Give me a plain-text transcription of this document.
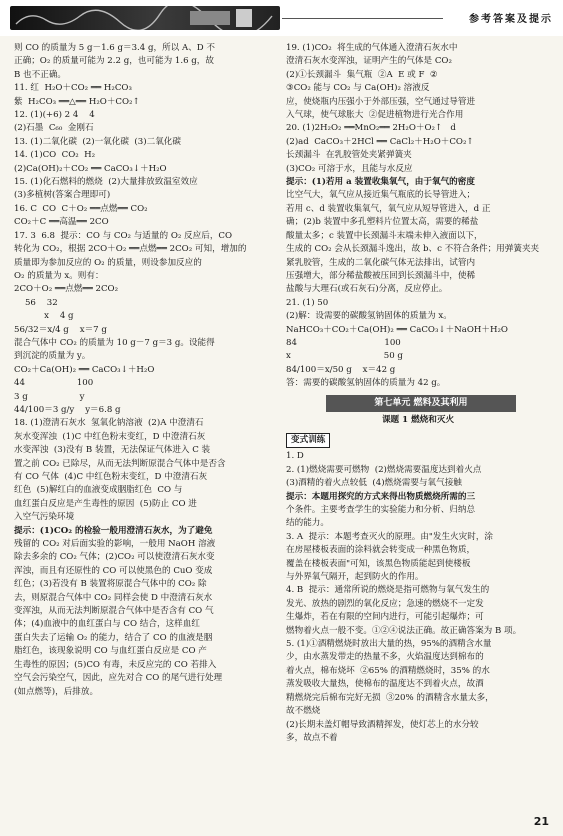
参考答案及提示

则 CO 的质量为 5 g－1.6 g＝3.4 g，所以 A、D 不

正确；O₂ 的质量可能为 2.2 g，也可能为 1.6 g，故

B 也不正确。

11. 红  H₂O＋CO₂ ══ H₂CO₃

紫  H₂CO₃ ══△══ H₂O＋CO₂↑

12. (1)(+6) 2 4    4

(2)石墨  C₆₀  金刚石

13. (1)二氧化碳  (2)一氧化碳  (3)二氧化碳

14. (1)CO  CO₂  H₂

(2)Ca(OH)₂＋CO₂ ══ CaCO₃↓＋H₂O

15. (1)化石燃料的燃烧  (2)大量排放致温室效应

(3)多植树(答案合理即可)

16. C  CO  C＋O₂ ══点燃══ CO₂

CO₂＋C ══高温══ 2CO

17. 3  6.8  提示：CO 与 CO₂ 与适量的 O₂ 反应后，CO

转化为 CO₂，根据 2CO＋O₂ ══点燃══ 2CO₂ 可知，增加的

质量即为参加反应的 O₂ 的质量，则设参加反应的

O₂ 的质量为 x。则有：

2CO＋O₂ ══点燃══ 2CO₂

56    32

x    4 g

56/32＝x/4 g    x＝7 g

混合气体中 CO₂ 的质量为 10 g－7 g＝3 g。设能得

到沉淀的质量为 y。

CO₂＋Ca(OH)₂ ══ CaCO₃↓＋H₂O

44                   100

3 g                   y

44/100＝3 g/y    y＝6.8 g

18. (1)澄清石灰水  氢氧化钠溶液  (2)A 中澄清石

灰水变浑浊  (1)C 中红色粉末变红，D 中澄清石灰

水变浑浊  (3)没有 B 装置，无法保证气体进入 C 装

置之前 CO₂ 已除尽，从而无法判断原混合气体中是否含

有 CO 气体  (4)C 中红色粉末变红，D 中澄清石灰

红色  (5)解红白的血液变成胭脂红色  CO 与

血红蛋白反应是产生毒性的原因  (5)防止 CO 进

入空气污染环境

提示：(1)CO₂ 的检验一般用澄清石灰水，为了避免

残留的 CO₂ 对后面实验的影响，一般用 NaOH 溶液

除去多余的 CO₂ 气体；(2)CO₂ 可以使澄清石灰水变

浑浊，而且有还原性的 CO 可以使黑色的 CuO 变成

红色；(3)若没有 B 装置将原混合气体中的 CO₂ 除

去，则原混合气体中 CO₂ 同样会使 D 中澄清石灰水

变浑浊，从而无法判断原混合气体中是否含有 CO 气

体；(4)血液中的血红蛋白与 CO 结合，这样血红

蛋白失去了运输 O₂ 的能力，结合了 CO 的血液是胭

脂红色，该现象说明 CO 与血红蛋白反应是 CO 产

生毒性的原因；(5)CO 有毒，未反应完的 CO 若排入

空气会污染空气，因此，应先对合 CO 的尾气进行处理

(如点燃等)，后排放。

19. (1)CO₂  将生成的气体通入澄清石灰水中

澄清石灰水变浑浊，证明产生的气体是 CO₂

(2)①长颈漏斗  集气瓶  ②A  E 或 F  ②

③CO₂ 能与 CO₂ 与 Ca(OH)₂ 溶液反

应，使烧瓶内压强小于外部压强，空气通过导管进

入气球，使气球胀大  ②促进植物进行光合作用

20. (1)2H₂O₂ ══MnO₂══ 2H₂O＋O₂↑   d

(2)ad  CaCO₃＋2HCl ══ CaCl₂＋H₂O＋CO₂↑

长颈漏斗  在乳胶管处夹紧弹簧夹

(3)CO₂ 可溶于水，且能与水反应

提示：(1)若用 a 装置收集氧气，由于氧气的密度

比空气大，氧气应从接近集气瓶底的长导管进入；

若用 c、d 装置收集氧气，氧气应从短导管进入，d 正

确；(2)b 装置中多孔塑料片位置太高，需要的稀盐

酸量太多；c 装置中长颈漏斗末端未伸入液面以下，

生成的 CO₂ 会从长颈漏斗逸出，故 b、c 不符合条件；用弹簧夹夹

紧乳胶管，生成的二氧化碳气体无法排出，试管内

压强增大，部分稀盐酸被压回到长颈漏斗中，使稀

盐酸与大理石(或石灰石)分离，反应停止。

21. (1) 50

(2)解：设需要的碳酸氢钠固体的质量为 x。

NaHCO₃＋CO₂＋Ca(OH)₂ ══ CaCO₃↓＋NaOH＋H₂O

84                                100

x                                  50 g

84/100＝x/50 g    x＝42 g

答：需要的碳酸氢钠固体的质量为 42 g。

第七单元 燃料及其利用
课题 1 燃烧和灭火
变式训练

1. D

2. (1)燃烧需要可燃物  (2)燃烧需要温度达到着火点

(3)酒精的着火点较低  (4)燃烧需要与氧气接触

提示：本题用探究的方式来得出物质燃烧所需的三

个条件。主要考查学生的实验能力和分析、归纳总

结的能力。

3. A  提示：本题考查灭火的原理。由"发生火灾时，涂

在房屋楼板表面的涂料就会转变成一种黑色物质，

覆盖在楼板表面"可知，该黑色物质能起到使楼板

与外界氧气隔开，起到防火的作用。

4. B  提示：通常所说的燃烧是指可燃物与氧气发生的

发光、放热的剧烈的氧化反应；急速的燃烧不一定发

生爆炸，若在有限的空间内进行，可能引起爆炸；可

燃物着火点一般不变。①②④说法正确。故正确答案为 B 项。

5. (1)①酒精燃烧时放出大量的热，95%的酒精含水量

少，由水蒸发带走的热量不多，火焰温度达到棉布的

着火点，棉布烧坏  ②65% 的酒精燃烧时，35% 的水

蒸发吸收大量热，使棉布的温度达不到着火点，故酒

精燃烧完后棉布完好无损  ③20% 的酒精含水量太多，

故不燃烧

(2)长期未盖灯帽导致酒精挥发，使灯芯上的水分较

多，故点不着

21
